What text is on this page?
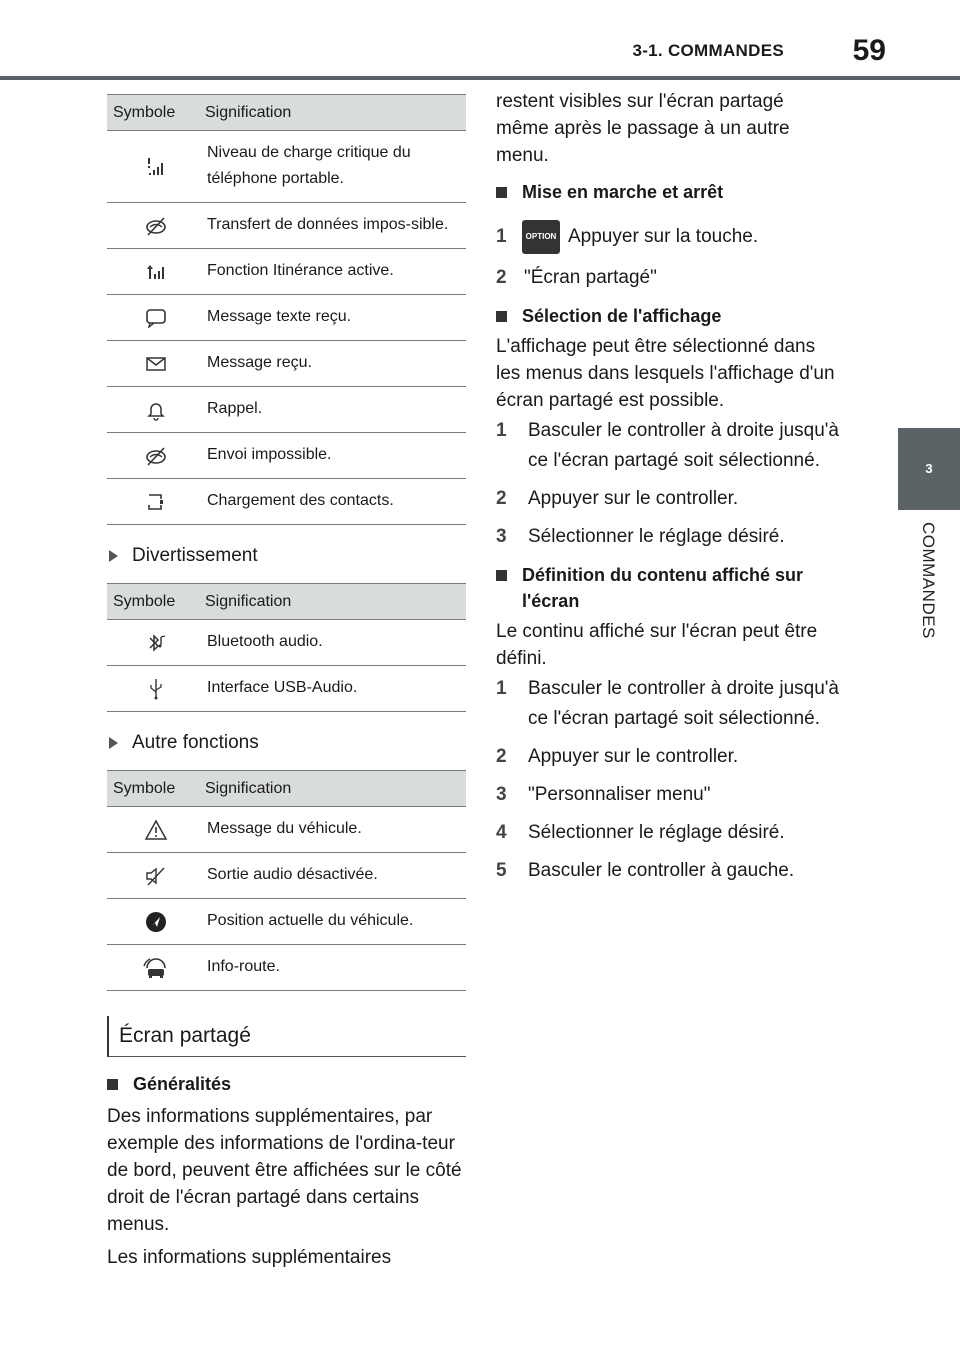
3-1. COMMANDES 59
3
COMMANDES
Symbole	Signification

	Niveau de charge critique du téléphone portable.

	Transfert de données impos-sible.

	Fonction Itinérance active.

	Message texte reçu.

	Message reçu.

	Rappel.

	Envoi impossible.

	Chargement des contacts.
Divertissement
Symbole	Signification

	Bluetooth audio.

	Interface USB-Audio.
Autre fonctions
Symbole	Signification

	Message du véhicule.

	Sortie audio désactivée.

	Position actuelle du véhicule.

	Info-route.
Écran partagé
Généralités

Des informations supplémentaires, par exemple des informations de l'ordina-teur de bord, peuvent être affichées sur le côté droit de l'écran partagé dans certains menus.

Les informations supplémentaires

restent visibles sur l'écran partagé même après le passage à un autre menu.

Mise en marche et arrêt
1	OPTION Appuyer sur la touche.
2 "Écran partagé"
Sélection de l'affichage

L'affichage peut être sélectionné dans les menus dans lesquels l'affichage d'un écran partagé est possible.

1	Basculer le controller à droite jusqu'à ce l'écran partagé soit sélectionné.
2	Appuyer sur le controller.
3	Sélectionner le réglage désiré.
Définition du contenu affiché sur l'écran

Le continu affiché sur l'écran peut être défini.

1	Basculer le controller à droite jusqu'à ce l'écran partagé soit sélectionné.
2	Appuyer sur le controller.
3	"Personnaliser menu"
4	Sélectionner le réglage désiré.
5	Basculer le controller à gauche.
